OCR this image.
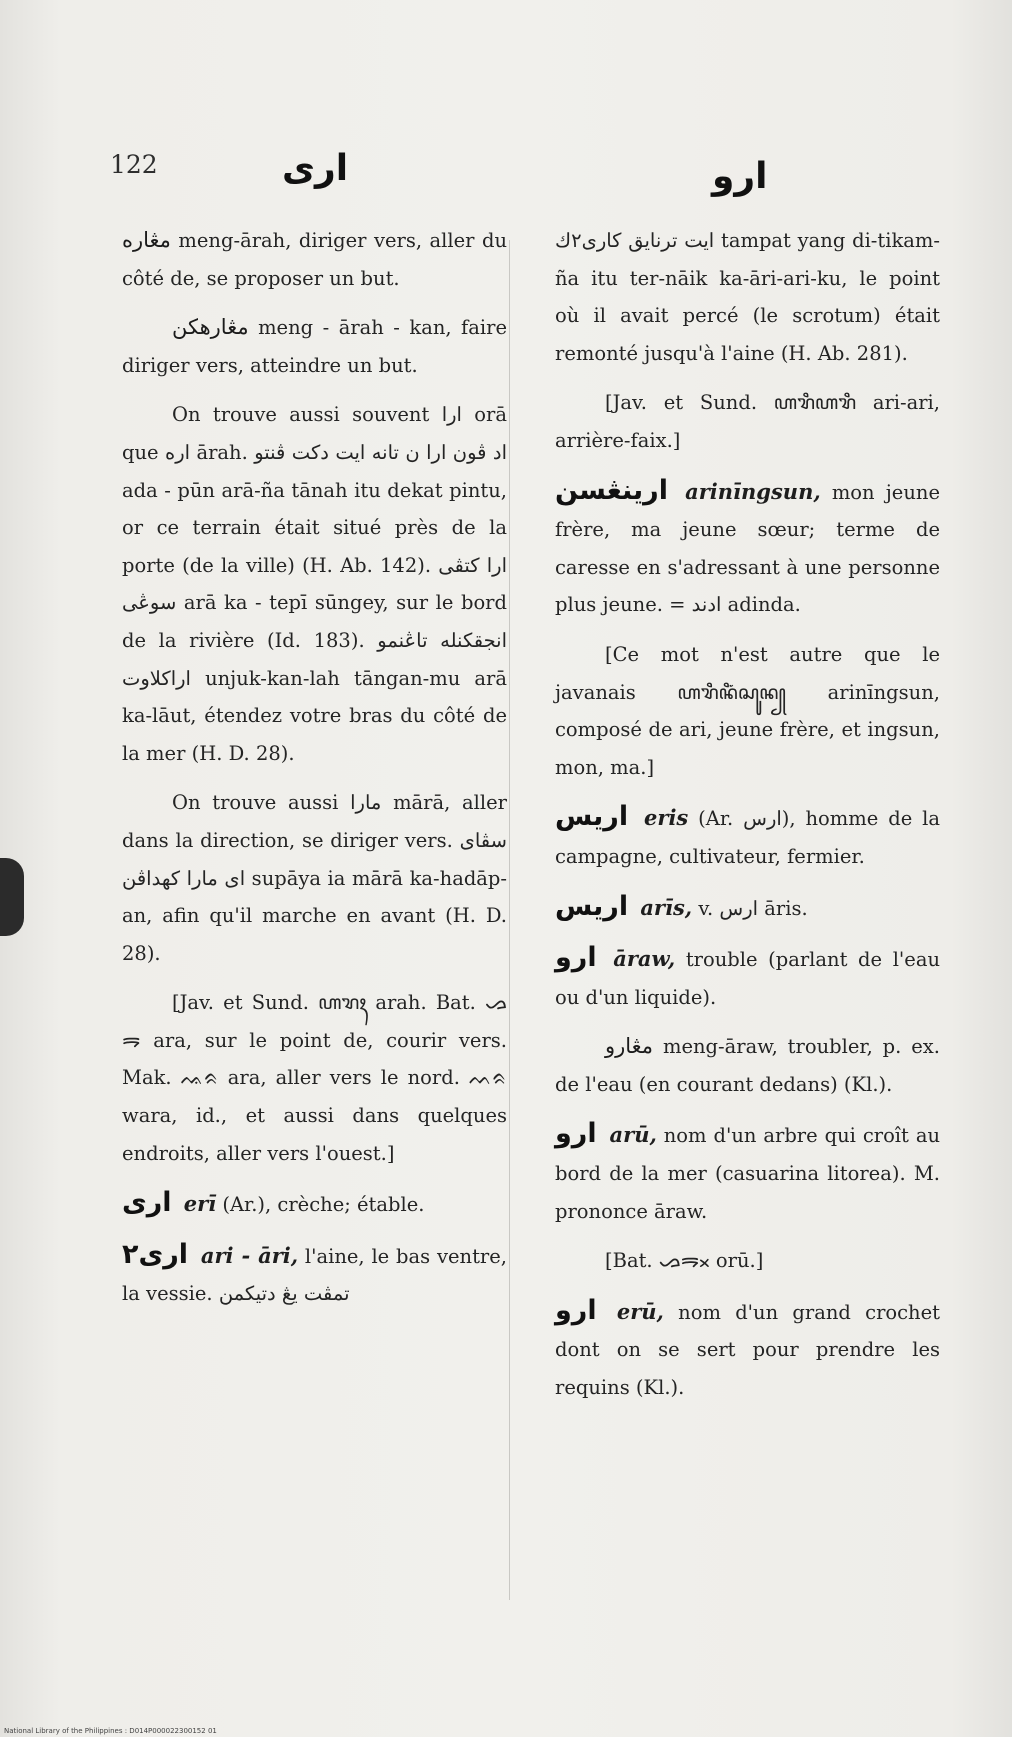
122	ارى	ارو

مڠاره meng-ārah, diriger vers, aller du côté de, se proposer un but.

مڠارهكن meng - ārah - kan, faire diriger vers, atteindre un but.

On trouve aussi souvent ارا orā que اره ārah. اد ڤون ارا ن تانه ايت دكت ڤنتو ada - pūn arā-ña tānah itu dekat pintu, or ce terrain était situé près de la porte (de la ville) (H. Ab. 142). ارا كتڤى سوڠى arā ka - tepī sūngey, sur le bord de la rivière (Id. 183). انجقكنله تاڠنمو اراكلاوت unjuk-kan-lah tāngan-mu arā ka-lāut, étendez votre bras du côté de la mer (H. D. 28).

On trouve aussi مارا mārā, aller dans la direction, se diriger vers. سڤاى اى مارا كهداڤن supāya ia mārā ka-hadāp-an, afin qu'il marche en avant (H. D. 28).

[Jav. et Sund. ꦲꦫꦃ arah. Bat. ᯀᯒ ara, sur le point de, courir vers. Mak. ᨕᨑ ara, aller vers le nord. ᨓᨑ wara, id., et aussi dans quelques endroits, aller vers l'ouest.]

ارى erī (Ar.), crèche; étable.

ارى٢ ari - āri, l'aine, le bas ventre, la vessie. تمڤت يڠ دتيكمن

ايت ترنايق كارى٢ك tampat yang di-tikam-ña itu ter-nāik ka-āri-ari-ku, le point où il avait percé (le scrotum) était remonté jusqu'à l'aine (H. Ab. 281).

[Jav. et Sund. ꦲꦫꦶꦲꦫꦶ ari-ari, arrière-faix.]

ارينڠسن arinīngsun, mon jeune frère, ma jeune sœur; terme de caresse en s'adressant à une personne plus jeune. = ادند adinda.

[Ce mot n'est autre que le javanais ꦲꦫꦶꦤꦶꦁꦱꦸꦤ꧀ arinīngsun, composé de ari, jeune frère, et ingsun, mon, ma.]

اريس eris (Ar. ارس), homme de la campagne, cultivateur, fermier.

اريس arīs, v. ارس āris.

ارو āraw, trouble (parlant de l'eau ou d'un liquide).

مڠارو meng-āraw, troubler, p. ex. de l'eau (en courant dedans) (Kl.).

ارو arū, nom d'un arbre qui croît au bord de la mer (casuarina litorea). M. prononce āraw.

[Bat. ᯀᯒᯬ orū.]

ارو erū, nom d'un grand crochet dont on se sert pour prendre les requins (Kl.).

National Library of the Philippines : D014P000022300152 01
